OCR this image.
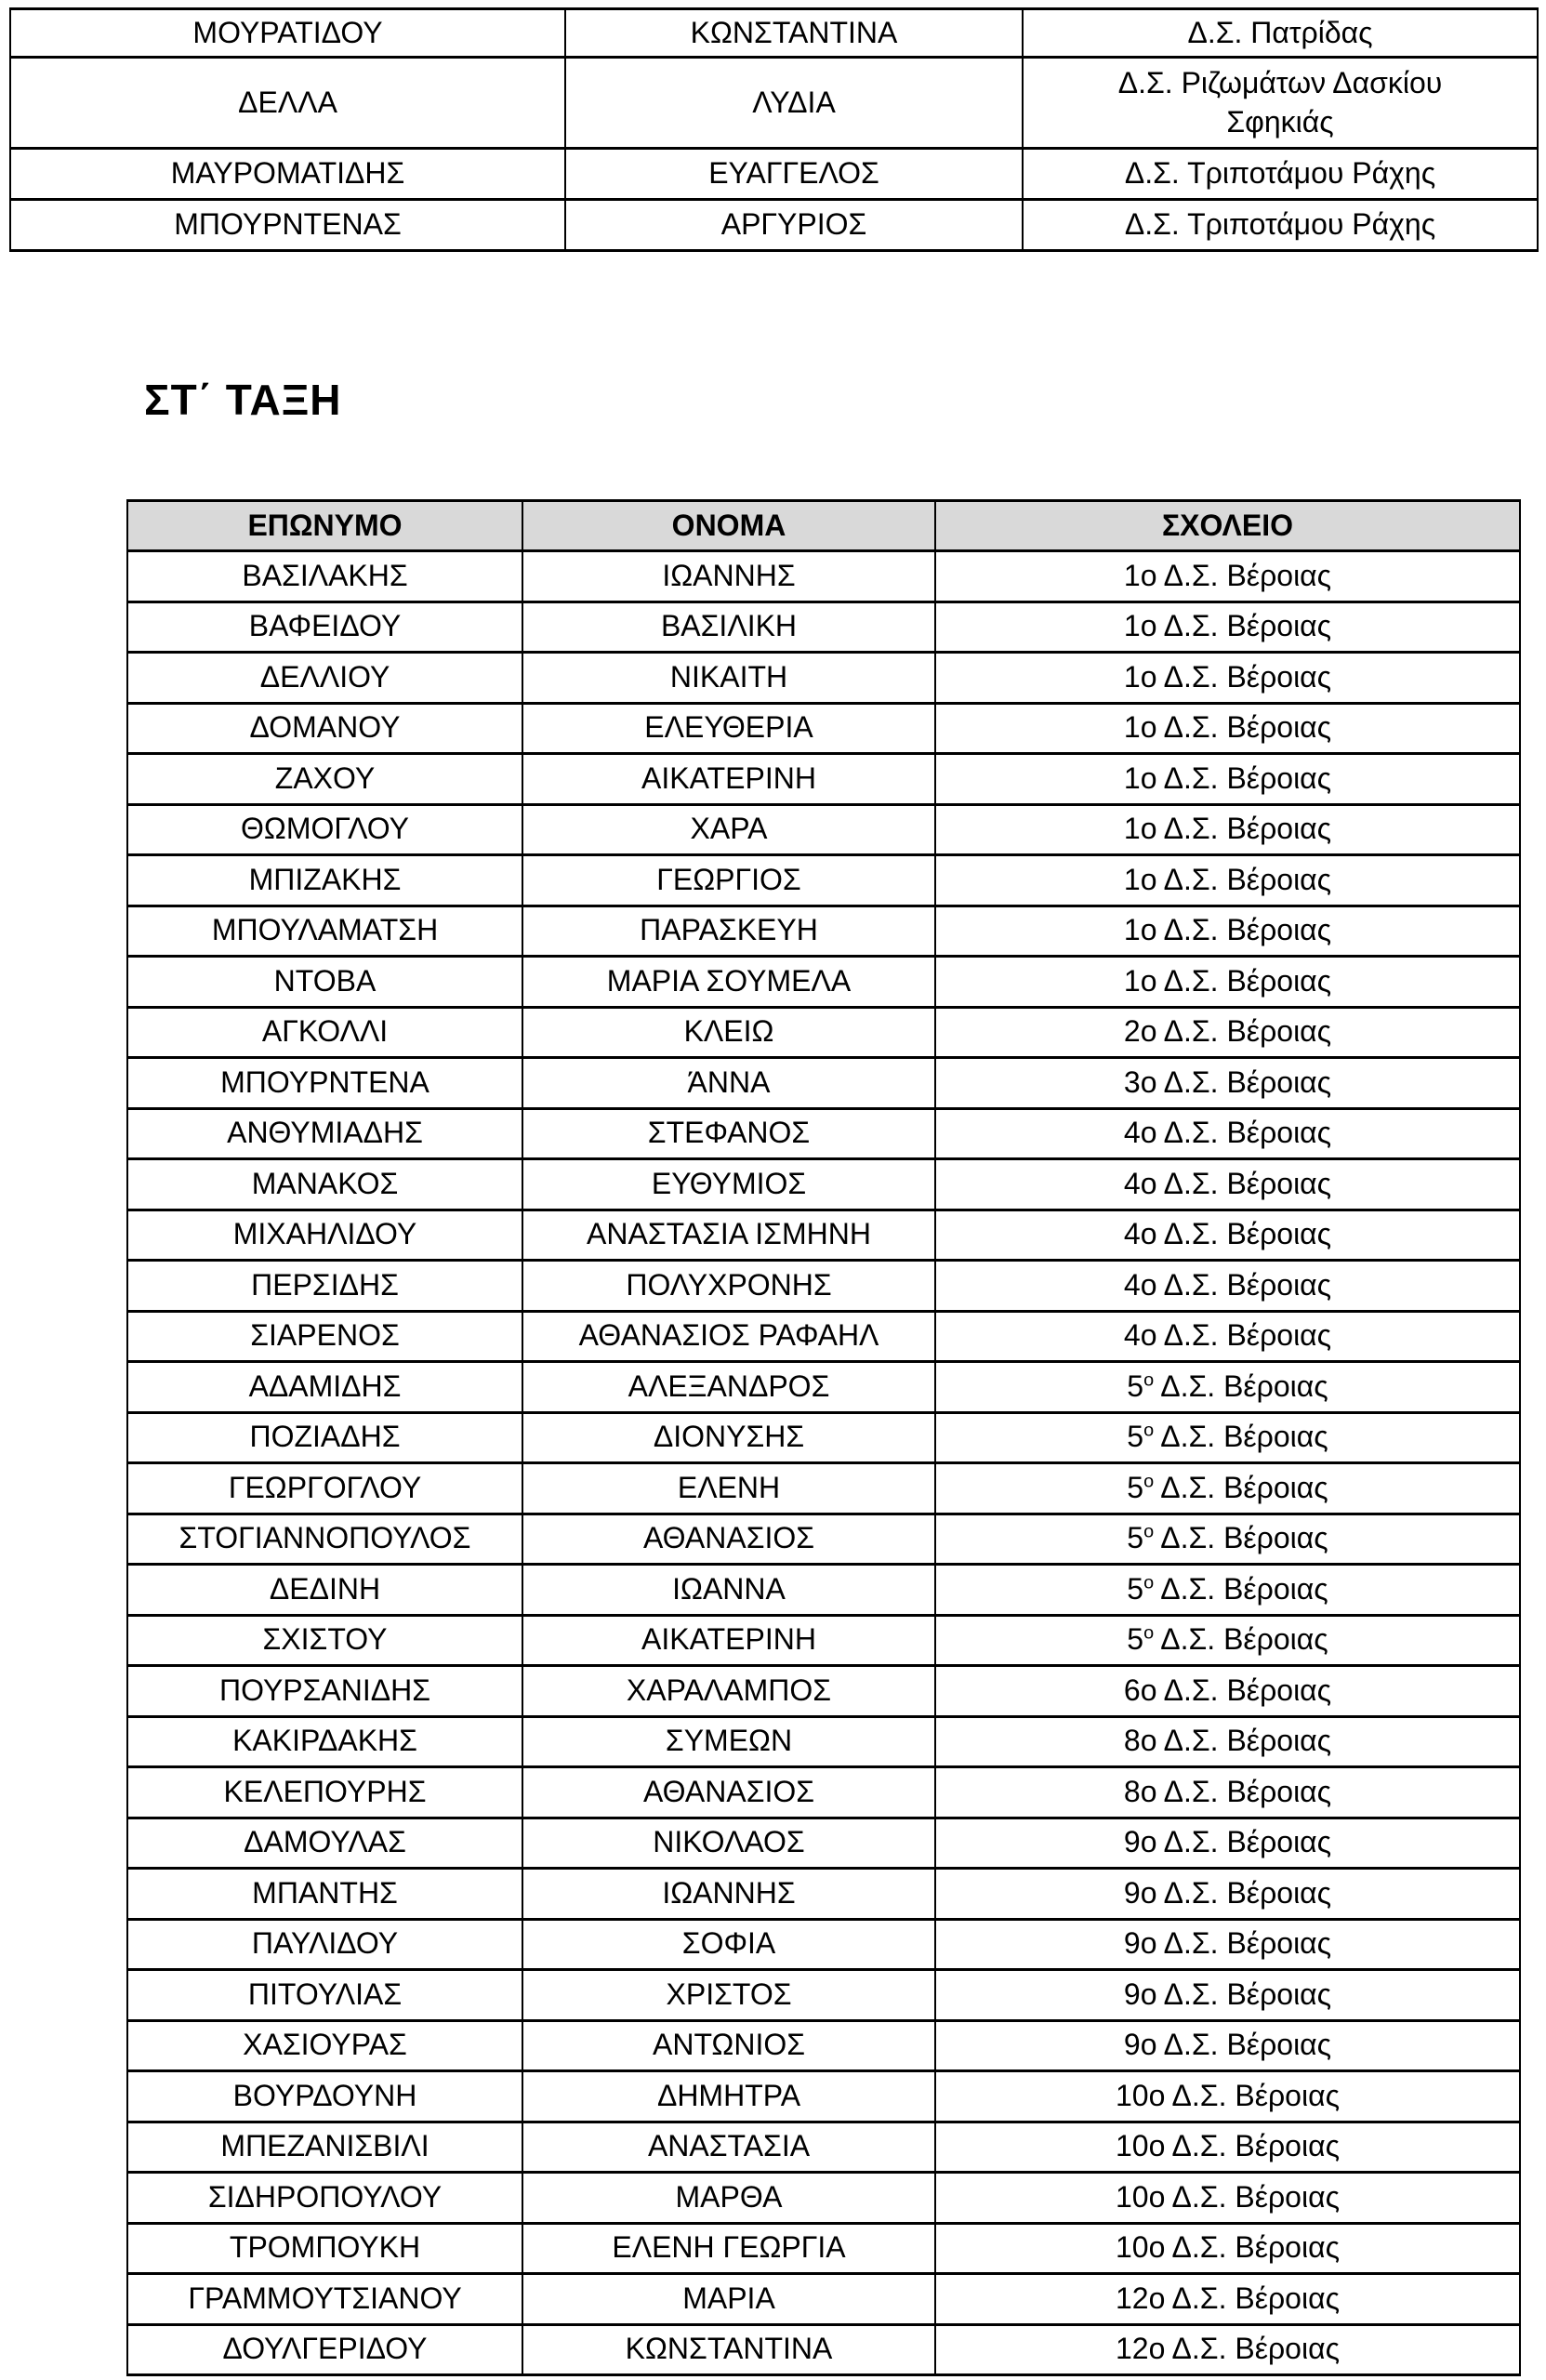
ΜΟΥΡΑΤΙΔΟΥ	ΚΩΝΣΤΑΝΤΙΝΑ	Δ.Σ. Πατρίδας

ΔΕΛΛΑ	ΛΥΔΙΑ	Δ.Σ. Ριζωμάτων Δασκίου
Σφηκιάς

ΜΑΥΡΟΜΑΤΙΔΗΣ	ΕΥΑΓΓΕΛΟΣ	Δ.Σ. Τριποτάμου Ράχης

ΜΠΟΥΡΝΤΕΝΑΣ	ΑΡΓΥΡΙΟΣ	Δ.Σ. Τριποτάμου Ράχης
ΣΤ΄ ΤΑΞΗ
ΕΠΩΝΥΜΟ	ΟΝΟΜΑ	ΣΧΟΛΕΙΟ
ΒΑΣΙΛΑΚΗΣ	ΙΩΑΝΝΗΣ	1ο Δ.Σ. Βέροιας
ΒΑΦΕΙΔΟΥ	ΒΑΣΙΛΙΚΗ	1ο Δ.Σ. Βέροιας
ΔΕΛΛΙΟΥ	ΝΙΚΑΙΤΗ	1ο Δ.Σ. Βέροιας
ΔΟΜΑΝΟΥ	ΕΛΕΥΘΕΡΙΑ	1ο Δ.Σ. Βέροιας
ΖΑΧΟΥ	ΑΙΚΑΤΕΡΙΝΗ	1ο Δ.Σ. Βέροιας
ΘΩΜΟΓΛΟΥ	ΧΑΡΑ	1ο Δ.Σ. Βέροιας
ΜΠΙΖΑΚΗΣ	ΓΕΩΡΓΙΟΣ	1ο Δ.Σ. Βέροιας
ΜΠΟΥΛΑΜΑΤΣΗ	ΠΑΡΑΣΚΕΥΗ	1ο Δ.Σ. Βέροιας
ΝΤΟΒΑ	ΜΑΡΙΑ ΣΟΥΜΕΛΑ	1ο Δ.Σ. Βέροιας
ΑΓΚΟΛΛΙ	ΚΛΕΙΩ	2ο Δ.Σ. Βέροιας
ΜΠΟΥΡΝΤΕΝΑ	ΆΝΝΑ	3ο Δ.Σ. Βέροιας
ΑΝΘΥΜΙΑΔΗΣ	ΣΤΕΦΑΝΟΣ	4ο Δ.Σ. Βέροιας
ΜΑΝΑΚΟΣ	ΕΥΘΥΜΙΟΣ	4ο Δ.Σ. Βέροιας
ΜΙΧΑΗΛΙΔΟΥ	ΑΝΑΣΤΑΣΙΑ ΙΣΜΗΝΗ	4ο Δ.Σ. Βέροιας
ΠΕΡΣΙΔΗΣ	ΠΟΛΥΧΡΟΝΗΣ	4ο Δ.Σ. Βέροιας
ΣΙΑΡΕΝΟΣ	ΑΘΑΝΑΣΙΟΣ ΡΑΦΑΗΛ	4ο Δ.Σ. Βέροιας
ΑΔΑΜΙΔΗΣ	ΑΛΕΞΑΝΔΡΟΣ	$5^o$ Δ.Σ. Βέροιας
ΠΟΖΙΑΔΗΣ	ΔΙΟΝΥΣΗΣ	$5^o$ Δ.Σ. Βέροιας
ΓΕΩΡΓΟΓΛΟΥ	ΕΛΕΝΗ	$5^o$ Δ.Σ. Βέροιας
ΣΤΟΓΙΑΝΝΟΠΟΥΛΟΣ	ΑΘΑΝΑΣΙΟΣ	$5^o$ Δ.Σ. Βέροιας
ΔΕΔΙΝΗ	ΙΩΑΝΝΑ	$5^o$ Δ.Σ. Βέροιας
ΣΧΙΣΤΟΥ	ΑΙΚΑΤΕΡΙΝΗ	$5^o$ Δ.Σ. Βέροιας
ΠΟΥΡΣΑΝΙΔΗΣ	ΧΑΡΑΛΑΜΠΟΣ	6ο Δ.Σ. Βέροιας
ΚΑΚΙΡΔΑΚΗΣ	ΣΥΜΕΩΝ	8ο Δ.Σ. Βέροιας
ΚΕΛΕΠΟΥΡΗΣ	ΑΘΑΝΑΣΙΟΣ	8ο Δ.Σ. Βέροιας
ΔΑΜΟΥΛΑΣ	ΝΙΚΟΛΑΟΣ	9ο Δ.Σ. Βέροιας
ΜΠΑΝΤΗΣ	ΙΩΑΝΝΗΣ	9ο Δ.Σ. Βέροιας
ΠΑΥΛΙΔΟΥ	ΣΟΦΙΑ	9ο Δ.Σ. Βέροιας
ΠΙΤΟΥΛΙΑΣ	ΧΡΙΣΤΟΣ	9ο Δ.Σ. Βέροιας
ΧΑΣΙΟΥΡΑΣ	ΑΝΤΩΝΙΟΣ	9ο Δ.Σ. Βέροιας
ΒΟΥΡΔΟΥΝΗ	ΔΗΜΗΤΡΑ	10ο Δ.Σ. Βέροιας
ΜΠΕΖΑΝΙΣΒΙΛΙ	ΑΝΑΣΤΑΣΙΑ	10ο Δ.Σ. Βέροιας
ΣΙΔΗΡΟΠΟΥΛΟΥ	ΜΑΡΘΑ	10ο Δ.Σ. Βέροιας
ΤΡΟΜΠΟΥΚΗ	ΕΛΕΝΗ ΓΕΩΡΓΙΑ	10ο Δ.Σ. Βέροιας
ΓΡΑΜΜΟΥΤΣΙΑΝΟΥ	ΜΑΡΙΑ	12ο Δ.Σ. Βέροιας
ΔΟΥΛΓΕΡΙΔΟΥ	ΚΩΝΣΤΑΝΤΙΝΑ	12ο Δ.Σ. Βέροιας
